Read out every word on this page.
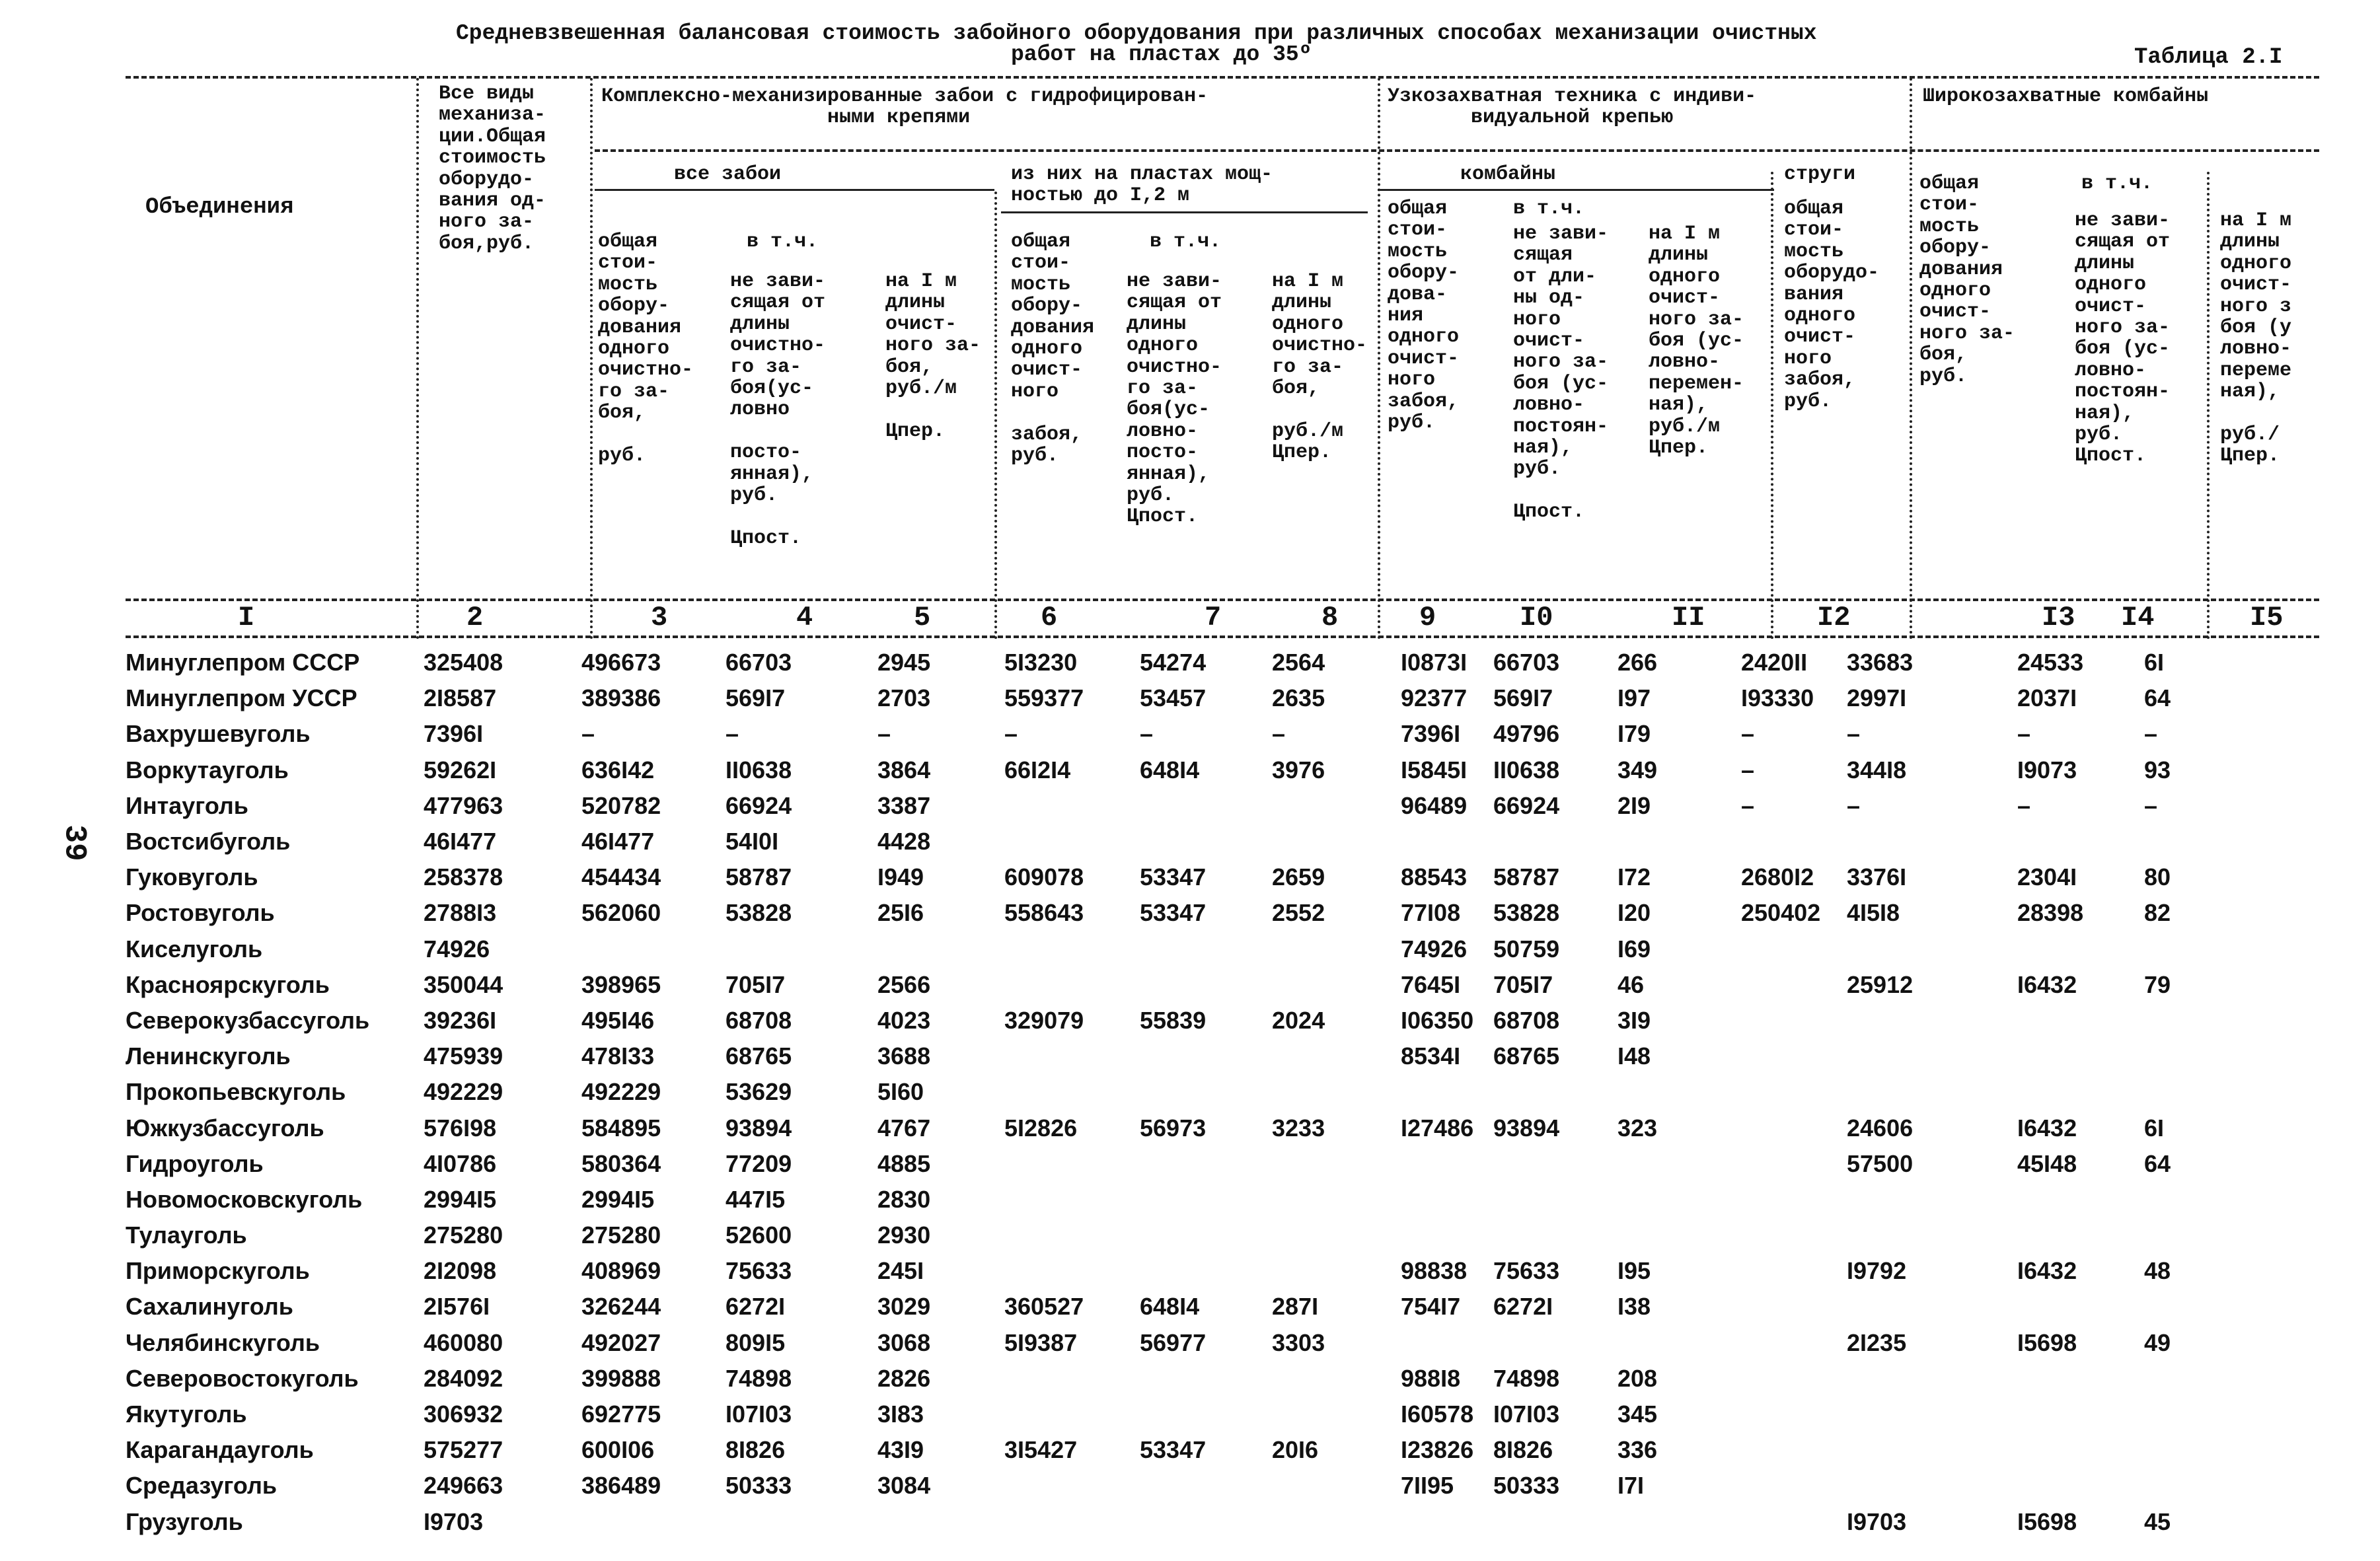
Средневзвешенная балансовая стоимость забойного оборудования при различных способах механизации очистных
работ на пластах до 35º	Таблица 2.I
39
Объединения
Все виды
механиза-
ции.Общая
стоимость
оборудо-
вания од-
ного за-
боя,руб.
Комплексно-механизированные забои с гидрофицирован-
ными крепями
Узкозахватная техника с индиви-
видуальной крепью
Широкозахватные комбайны
все забои	из них на пластах мощ-
ностью до I,2 м
комбайны	струги
в т.ч.	в т.ч.
в т.ч.
в т.ч.
общая
стои-
мость
обору-
дования
одного
очистно-
го за-
боя,

руб.
не зави-
сящая от
длины
очистно-
го за-
боя(ус-
ловно

посто-
янная),
руб.

Цпост.
на I м
длины
очист-
ного за-
боя,
руб./м

Цпер.
общая
стои-
мость
обору-
дования
одного
очист-
ного

забоя,
руб.
не зави-
сящая от
длины
одного
очистно-
го за-
боя(ус-
ловно-
посто-
янная),
руб.
Цпост.
на I м
длины
одного
очистно-
го за-
боя,

руб./м
Цпер.
общая
стои-
мость
обору-
дова-
ния
одного
очист-
ного
забоя,
руб.
не зави-
сящая
от дли-
ны од-
ного
очист-
ного за-
боя (ус-
ловно-
постоян-
ная),
руб.

Цпост.
на I м
длины
одного
очист-
ного за-
боя (ус-
ловно-
перемен-
ная),
руб./м
Цпер.
общая
стои-
мость
оборудо-
вания
одного
очист-
ного
забоя,
руб.
общая
стои-
мость
обору-
дования
одного
очист-
ного за-
боя,
руб.
не зави-
сящая от
длины
одного
очист-
ного за-
боя (ус-
ловно-
постоян-
ная),
руб.
Цпост.
на I м
длины
одного
очист-
ного з
боя (у
ловно-
переме
ная),

руб./
Цпер.
I	2	3	4	5	6	7	8	9	I0	II	I2	I3 I4	I5
Минуглепром СССР	325408	496673	66703	2945	5I3230	54274	2564	I0873I	66703	266	2420II	33683	24533	6I
Минуглепром УССР	2I8587	389386	569I7	2703	559377	53457	2635	92377	569I7	I97	I93330	2997I	2037I	64
Вахрушевуголь	7396I	–	–	–	–	–	–	7396I	49796	I79	–	–	–	–
Воркутауголь	59262I	636I42	II0638	3864	66I2I4	648I4	3976	I5845I	II0638	349	–	344I8	I9073	93
Интауголь	477963	520782	66924	3387				96489	66924	2I9	–	–	–	–
Востсибуголь	46I477	46I477	54I0I	4428										
Гуковуголь	258378	454434	58787	I949	609078	53347	2659	88543	58787	I72	2680I2	3376I	2304I	80
Ростовуголь	2788I3	562060	53828	25I6	558643	53347	2552	77I08	53828	I20	250402	4I5I8	28398	82
Киселуголь	74926							74926	50759	I69				
Красноярскуголь	350044	398965	705I7	2566				7645I	705I7	46		25912	I6432	79
Северокузбассуголь	39236I	495I46	68708	4023	329079	55839	2024	I06350	68708	3I9				
Ленинскуголь	475939	478I33	68765	3688				8534I	68765	I48				
Прокопьевскуголь	492229	492229	53629	5I60										
Южкузбассуголь	576I98	584895	93894	4767	5I2826	56973	3233	I27486	93894	323		24606	I6432	6I
Гидроуголь	4I0786	580364	77209	4885								57500	45I48	64
Новомосковскуголь	2994I5	2994I5	447I5	2830										
Тулауголь	275280	275280	52600	2930										
Приморскуголь	2I2098	408969	75633	245I				98838	75633	I95		I9792	I6432	48
Сахалинуголь	2I576I	326244	6272I	3029	360527	648I4	287I	754I7	6272I	I38				
Челябинскуголь	460080	492027	809I5	3068	5I9387	56977	3303					2I235	I5698	49
Северовостокуголь	284092	399888	74898	2826				988I8	74898	208				
Якутуголь	306932	692775	I07I03	3I83				I60578	I07I03	345				
Карагандауголь	575277	600I06	8I826	43I9	3I5427	53347	20I6	I23826	8I826	336				
Средазуголь	249663	386489	50333	3084				7II95	50333	I7I				
Грузуголь	I9703											I9703	I5698	45
